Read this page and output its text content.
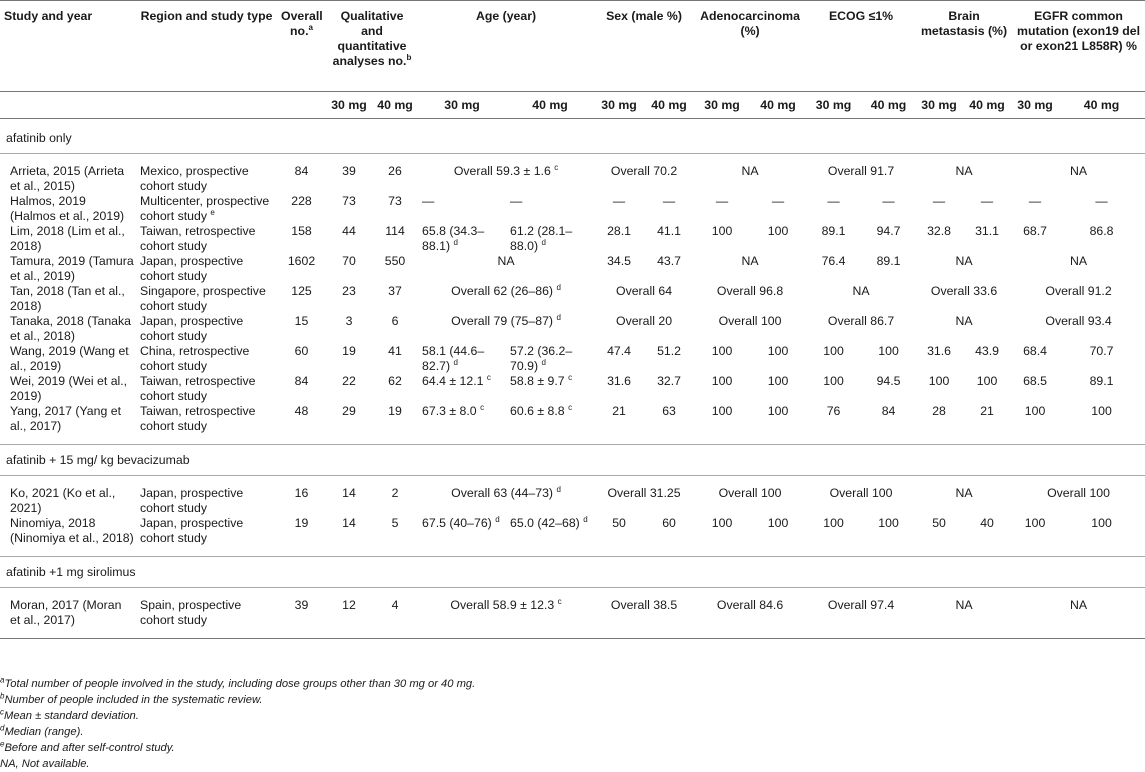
Study and year	Region and study type	Overall no.$^a$	Qualitative and quantitative analyses no.$^b$		Age (year)		Sex (male %)		Adenocarcinoma (%)		ECOG ≤1%		Brain metastasis (%)		EGFR common mutation (exon19 del or exon21 L858R) %	
			30 mg	40 mg	30 mg	40 mg	30 mg	40 mg	30 mg	40 mg	30 mg	40 mg	30 mg	40 mg	30 mg	40 mg
afatinib only																

Arrieta, 2015 (Arrieta et al., 2015)	Mexico, prospective cohort study	84	39	26	Overall 59.3 ± 1.6 $^c$		Overall 70.2		NA		Overall 91.7		NA		NA	
Halmos, 2019 (Halmos et al., 2019)	Multicenter, prospective cohort study $^e$	228	73	73	—	—	—	—	—	—	—	—	—	—	—	—
Lim, 2018 (Lim et al., 2018)	Taiwan, retrospective cohort study	158	44	114	65.8 (34.3–88.1) $^d$	61.2 (28.1–88.0) $^d$	28.1	41.1	100	100	89.1	94.7	32.8	31.1	68.7	86.8
Tamura, 2019 (Tamura et al., 2019)	Japan, prospective cohort study	1602	70	550	NA		34.5	43.7	NA		76.4	89.1	NA		NA	
Tan, 2018 (Tan et al., 2018)	Singapore, prospective cohort study	125	23	37	Overall 62 (26–86) $^d$		Overall 64		Overall 96.8		NA		Overall 33.6		Overall 91.2	
Tanaka, 2018 (Tanaka et al., 2018)	Japan, prospective cohort study	15	3	6	Overall 79 (75–87) $^d$		Overall 20		Overall 100		Overall 86.7		NA		Overall 93.4	
Wang, 2019 (Wang et al., 2019)	China, retrospective cohort study	60	19	41	58.1 (44.6–82.7) $^d$	57.2 (36.2–70.9) $^d$	47.4	51.2	100	100	100	100	31.6	43.9	68.4	70.7
Wei, 2019 (Wei et al., 2019)	Taiwan, retrospective cohort study	84	22	62	64.4 ± 12.1 $^c$	58.8 ± 9.7 $^c$	31.6	32.7	100	100	100	94.5	100	100	68.5	89.1
Yang, 2017 (Yang et al., 2017)	Taiwan, retrospective cohort study	48	29	19	67.3 ± 8.0 $^c$	60.6 ± 8.8 $^c$	21	63	100	100	76	84	28	21	100	100

afatinib + 15 mg/ kg bevacizumab																

Ko, 2021 (Ko et al., 2021)	Japan, prospective cohort study	16	14	2	Overall 63 (44–73) $^d$		Overall 31.25		Overall 100		Overall 100		NA		Overall 100	
Ninomiya, 2018 (Ninomiya et al., 2018)	Japan, prospective cohort study	19	14	5	67.5 (40–76) $^d$	65.0 (42–68) $^d$	50	60	100	100	100	100	50	40	100	100

afatinib +1 mg sirolimus																

Moran, 2017 (Moran et al., 2017)	Spain, prospective cohort study	39	12	4	Overall 58.9 ± 12.3 $^c$		Overall 38.5		Overall 84.6		Overall 97.4		NA		NA	

$^a$Total number of people involved in the study, including dose groups other than 30 mg or 40 mg.
$^b$Number of people included in the systematic review.
$^c$Mean ± standard deviation.
$^d$Median (range).
$^e$Before and after self-control study.
NA, Not available.
